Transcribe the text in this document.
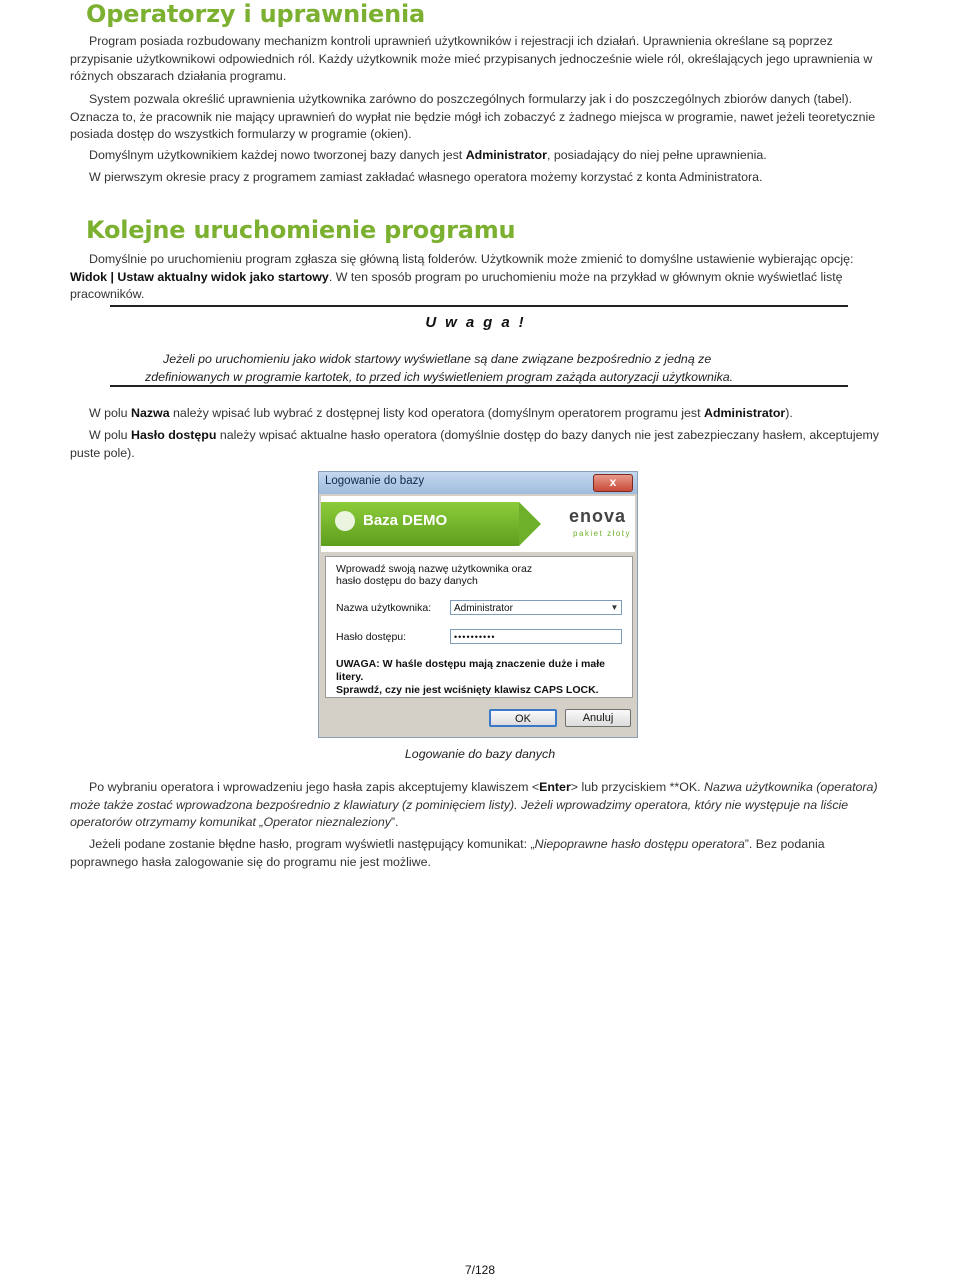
Operatorzy i uprawnienia

Program posiada rozbudowany mechanizm kontroli uprawnień użytkowników i rejestracji ich działań. Uprawnienia określane są poprzez przypisanie użytkownikowi odpowiednich ról. Każdy użytkownik może mieć przypisanych jednocześnie wiele ról, określających jego uprawnienia w różnych obszarach działania programu.

System pozwala określić uprawnienia użytkownika zarówno do poszczególnych formularzy jak i do poszczególnych zbiorów danych (tabel). Oznacza to, że pracownik nie mający uprawnień do wypłat nie będzie mógł ich zobaczyć z żadnego miejsca w programie, nawet jeżeli teoretycznie posiada dostęp do wszystkich formularzy w programie (okien).

Domyślnym użytkownikiem każdej nowo tworzonej bazy danych jest Administrator, posiadający do niej pełne uprawnienia.

W pierwszym okresie pracy z programem zamiast zakładać własnego operatora możemy korzystać z konta Administratora.

Kolejne uruchomienie programu

Domyślnie po uruchomieniu program zgłasza się główną listą folderów. Użytkownik może zmienić to domyślne ustawienie wybierając opcję: Widok | Ustaw aktualny widok jako startowy. W ten sposób program po uruchomieniu może na przykład w głównym oknie wyświetlać listę pracowników.

Uwaga!

Jeżeli po uruchomieniu jako widok startowy wyświetlane są dane związane bezpośrednio z jedną ze zdefiniowanych w programie kartotek, to przed ich wyświetleniem program zażąda autoryzacji użytkownika.

W polu Nazwa należy wpisać lub wybrać z dostępnej listy kod operatora (domyślnym operatorem programu jest Administrator).

W polu Hasło dostępu należy wpisać aktualne hasło operatora (domyślnie dostęp do bazy danych nie jest zabezpieczany hasłem, akceptujemy puste pole).

Logowanie do bazy	x
Baza DEMO	enova
pakiet złoty
Wprowadź swoją nazwę użytkownika oraz hasło dostępu do bazy danych
Nazwa użytkownika:	Administrator	▼
Hasło dostępu:	••••••••••
UWAGA: W haśle dostępu mają znaczenie duże i małe litery.
Sprawdź, czy nie jest wciśnięty klawisz CAPS LOCK.
OK	Anuluj
Logowanie do bazy danych

Po wybraniu operatora i wprowadzeniu jego hasła zapis akceptujemy klawiszem <Enter> lub przyciskiem **OK. Nazwa użytkownika (operatora) może także zostać wprowadzona bezpośrednio z klawiatury (z pominięciem listy). Jeżeli wprowadzimy operatora, który nie występuje na liście operatorów otrzymamy komunikat „Operator nieznaleziony”.

Jeżeli podane zostanie błędne hasło, program wyświetli następujący komunikat: „Niepoprawne hasło dostępu operatora”. Bez podania poprawnego hasła zalogowanie się do programu nie jest możliwe.

7/128
